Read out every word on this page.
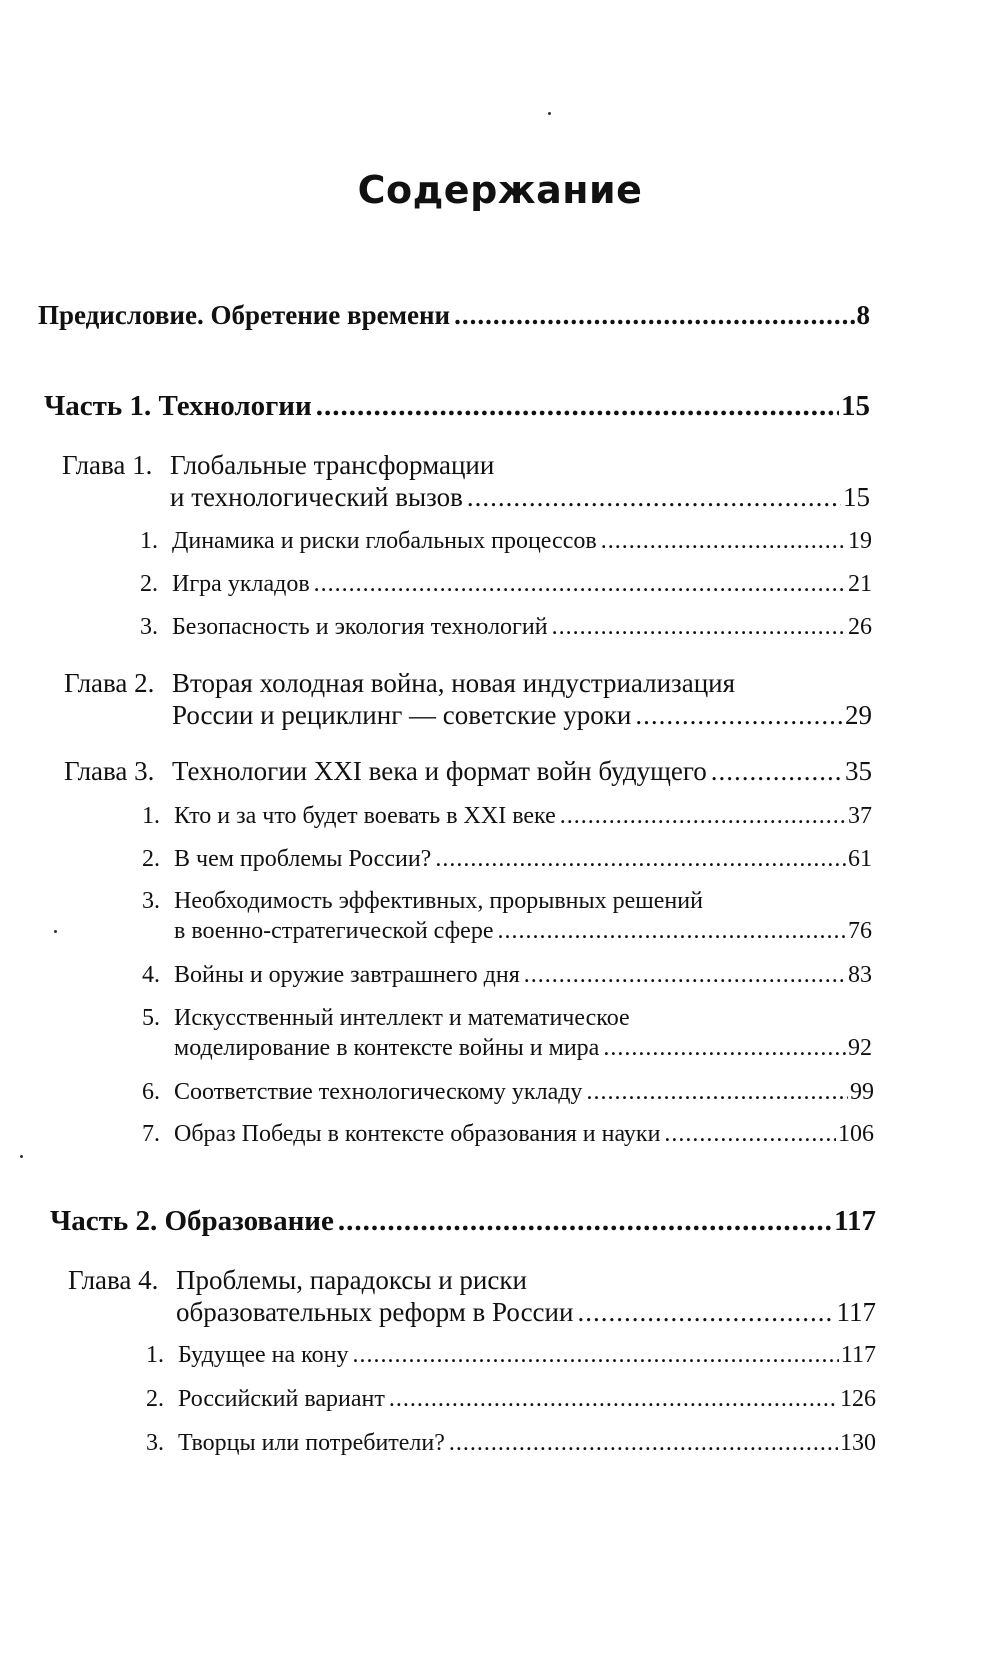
Содержание
Предисловие. Обретение времени .....	8
Часть 1. Технологии .....	15
Глава 1. Глобальные трансформации
и технологический вызов .....	15
1. Динамика и риски глобальных процессов .....	19
2. Игра укладов .....	21
3. Безопасность и экология технологий .....	26
Глава 2. Вторая холодная война, новая индустриализация
России и рециклинг — советские уроки .....	29
Глава 3. Технологии XXI века и формат войн будущего .....	35
1. Кто и за что будет воевать в XXI веке .....	37
2. В чем проблемы России? .....	61
3. Необходимость эффективных, прорывных решений
в военно-стратегической сфере .....	76
4. Войны и оружие завтрашнего дня .....	83
5. Искусственный интеллект и математическое
моделирование в контексте войны и мира .....	92
6. Соответствие технологическому укладу .....	99
7. Образ Победы в контексте образования и науки .....	106
Часть 2. Образование .....	117
Глава 4. Проблемы, парадоксы и риски
образовательных реформ в России .....	117
1. Будущее на кону .....	117
2. Российский вариант .....	126
3. Творцы или потребители? .....	130
